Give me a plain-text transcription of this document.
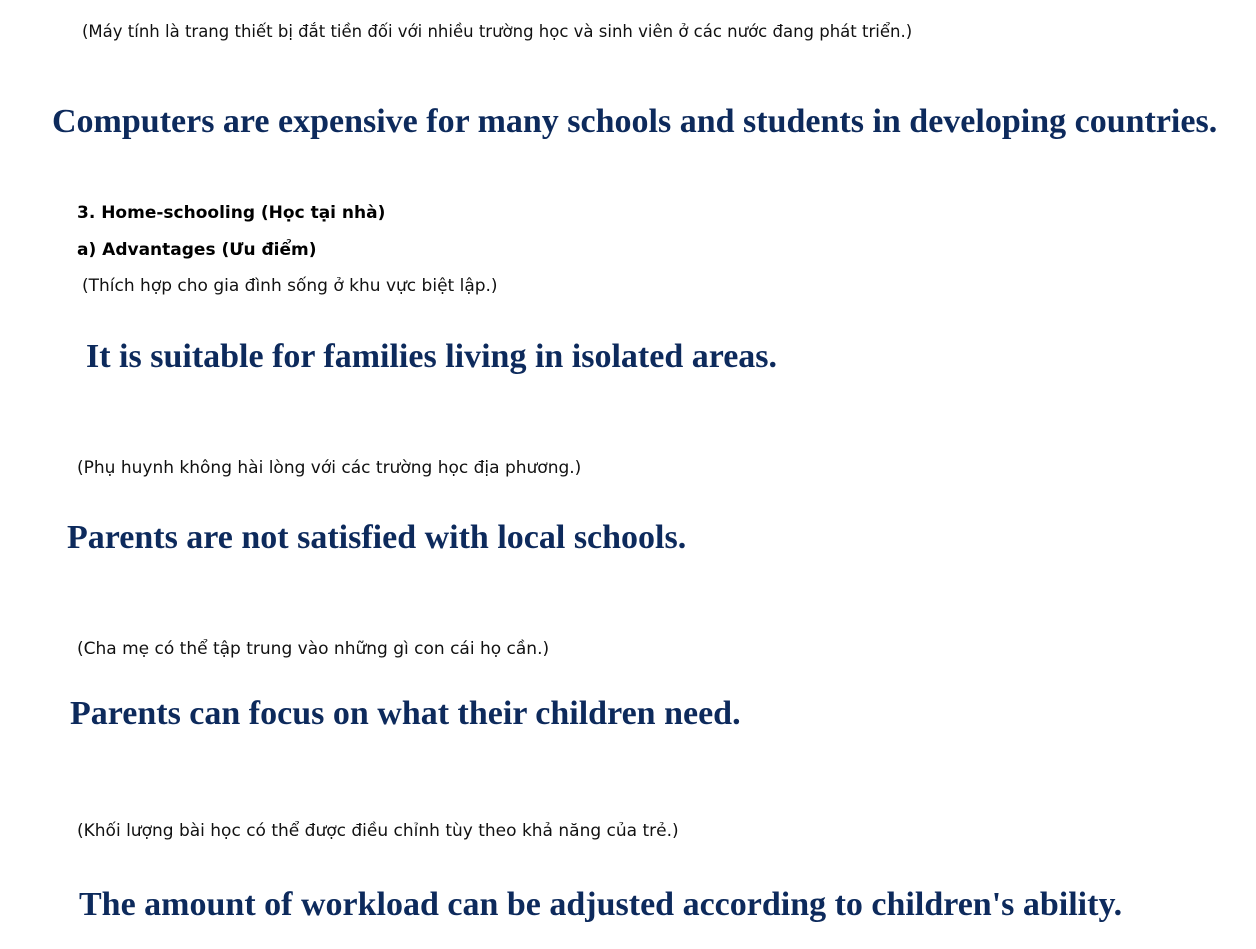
(Máy tính là trang thiết bị đắt tiền đối với nhiều trường học và sinh viên ở các nước đang phát triển.)

Computers are expensive for many schools and students in developing countries.

3. Home-schooling (Học tại nhà)
a) Advantages (Ưu điểm)

(Thích hợp cho gia đình sống ở khu vực biệt lập.)

It is suitable for families living in isolated areas.

(Phụ huynh không hài lòng với các trường học địa phương.)

Parents are not satisfied with local schools.

(Cha mẹ có thể tập trung vào những gì con cái họ cần.)

Parents can focus on what their children need.

(Khối lượng bài học có thể được điều chỉnh tùy theo khả năng của trẻ.)

The amount of workload can be adjusted according to children's ability.
